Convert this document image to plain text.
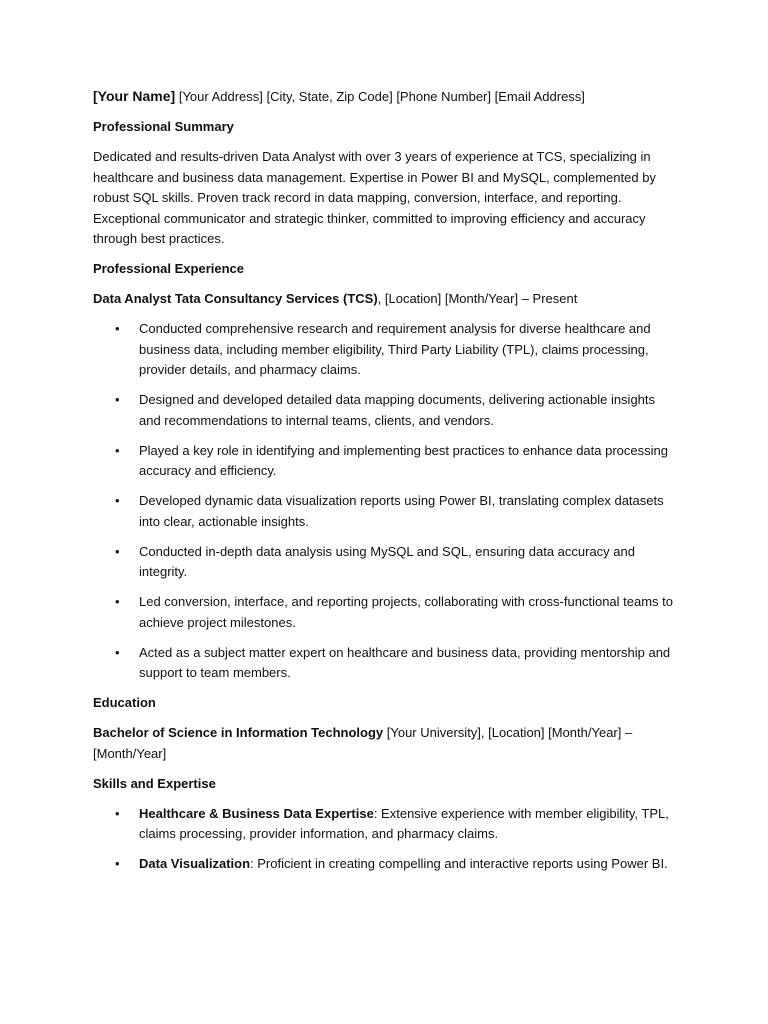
[Your Name] [Your Address] [City, State, Zip Code] [Phone Number] [Email Address]

Professional Summary

Dedicated and results-driven Data Analyst with over 3 years of experience at TCS, specializing in healthcare and business data management. Expertise in Power BI and MySQL, complemented by robust SQL skills. Proven track record in data mapping, conversion, interface, and reporting. Exceptional communicator and strategic thinker, committed to improving efficiency and accuracy through best practices.

Professional Experience

Data Analyst Tata Consultancy Services (TCS), [Location] [Month/Year] – Present

• Conducted comprehensive research and requirement analysis for diverse healthcare and business data, including member eligibility, Third Party Liability (TPL), claims processing, provider details, and pharmacy claims.
• Designed and developed detailed data mapping documents, delivering actionable insights and recommendations to internal teams, clients, and vendors.
• Played a key role in identifying and implementing best practices to enhance data processing accuracy and efficiency.
• Developed dynamic data visualization reports using Power BI, translating complex datasets into clear, actionable insights.
• Conducted in-depth data analysis using MySQL and SQL, ensuring data accuracy and integrity.
• Led conversion, interface, and reporting projects, collaborating with cross-functional teams to achieve project milestones.
• Acted as a subject matter expert on healthcare and business data, providing mentorship and support to team members.

Education

Bachelor of Science in Information Technology [Your University], [Location] [Month/Year] – [Month/Year]

Skills and Expertise

• Healthcare & Business Data Expertise: Extensive experience with member eligibility, TPL, claims processing, provider information, and pharmacy claims.
• Data Visualization: Proficient in creating compelling and interactive reports using Power BI.
